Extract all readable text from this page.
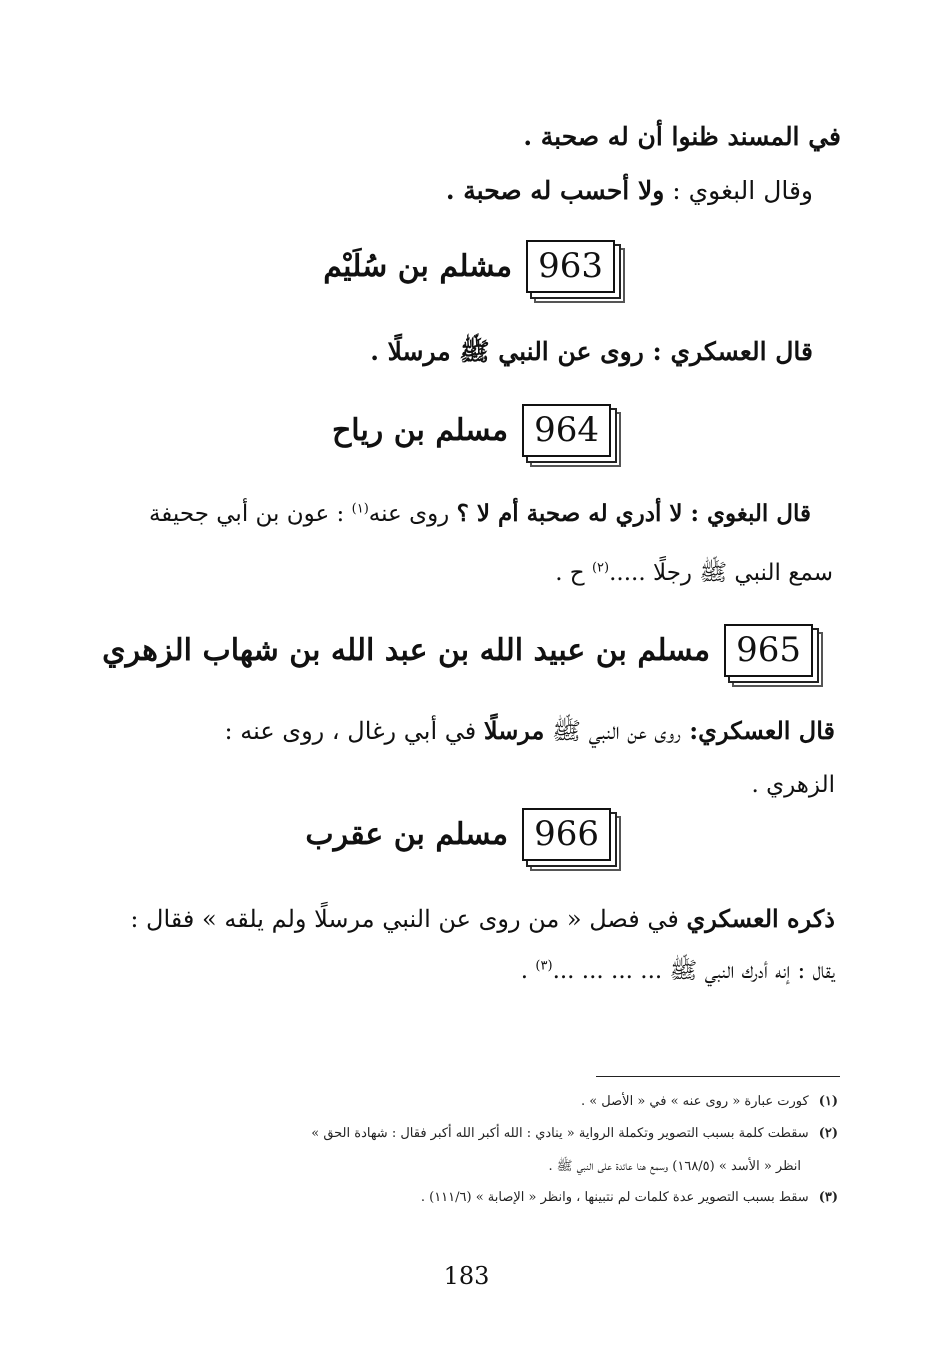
في المسند ظنوا أن له صحبة .
وقال البغوي : ولا أحسب له صحبة .
963
مشلم بن سُلَيْم
قال العسكري : روى عن النبي ﷺ مرسلًا .
964
مسلم بن رياح
قال البغوي : لا أدري له صحبة أم لا ؟ روى عنه$^{(١)}$ : عون بن أبي جحيفة
سمع النبي ﷺ رجلًا .....$^{(٢)}$ ح .
965
مسلم بن عبيد الله بن عبد الله بن شهاب الزهري
قال العسكري: روى عن النبي ﷺ مرسلًا في أبي رغال ، روى عنه :
الزهري .
966
مسلم بن عقرب
ذكره العسكري في فصل « من روى عن النبي مرسلًا ولم يلقه » فقال :
يقال : إنه أدرك النبي ﷺ ... ... ... ...$^{(٣)}$ .
(١)كورت عبارة « روى عنه » في « الأصل » .
(٢)سقطت كلمة بسبب التصوير وتكملة الرواية « ينادي : الله أكبر الله أكبر فقال : شهادة الحق »
انظر « الأسد » (١٦٨/٥) وسمع هنا عائدة على النبي ﷺ .
(٣)سقط بسبب التصوير عدة كلمات لم نتبينها ، وانظر « الإصابة » (١١١/٦) .
183
